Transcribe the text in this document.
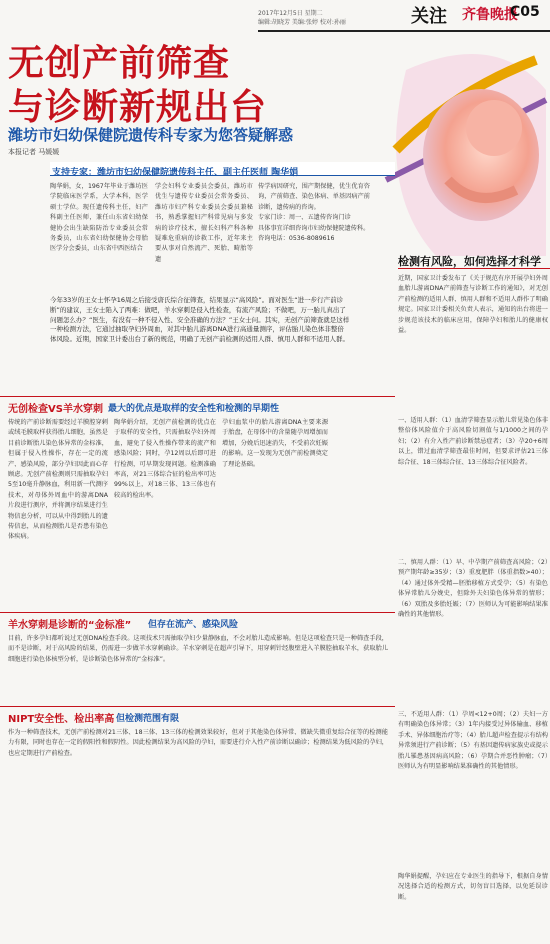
2017年12月5日 星期二
编辑:胡晓芳 美编:张婷 校对:孙丽	关注 齐鲁晚报
C05
无创产前筛查
与诊断新规出台
潍坊市妇幼保健院遗传科专家为您答疑解惑
本报记者 马媛媛
支持专家：潍坊市妇幼保健院遗传科主任、副主任医师 陶华娟
陶华娟，女，1967年毕业于潍坊医学院临床医学系，大学本科，医学硕士学位。现任遗传科主任，妇产科副主任医师，兼任山东省妇幼保健协会出生缺陷防治专业委员会常务委员，山东省妇幼保健协会母胎医学分会委员，山东省中西医结合
学会妇科专业委员会委员，潍坊市优生与遗传专业委员会常务委员、潍坊市妇产科专业委员会委员兼秘书，熟悉掌握妇产科常见病与多发病的诊疗技术，擅长妇科产科各种疑难危重病的诊救工作，近年来主要从事对自然流产、死胎、畸胎等遗
传学病因研究，围产期保健，优生优育咨询，产前筛查、染色体病、单基因病产前诊断，遗传病的咨询。
专家门诊：周一、五遗传咨询门诊
具体事宜详细咨询市妇幼保健院遗传科。
咨询电话：0536-8089616
今年33岁的王女士怀孕16周之后接受唐氏综合征筛查，结果显示“高风险”。面对医生“进一步行产前诊断”的建议，王女士陷入了两难：做吧，羊水穿刺是侵入性检查，有流产风险；不做吧，万一胎儿真出了问题怎么办？“医生，有没有一种不侵入性、安全准确的方法？”王女士问。其实，无创产前筛查就是这样一种检测方法，它通过抽取孕妇外周血，对其中胎儿游离DNA进行高通量测序，评估胎儿染色体非整倍体风险。近期，国家卫计委出台了新的规范，明确了无创产前检测的适用人群、慎用人群和不适用人群。
检测有风险，如何选择才科学
无创检查VS羊水穿刺 最大的优点是取样的安全性和检测的早期性
传统的产前诊断需要经过羊膜腔穿刺或绒毛膜取样获得胎儿细胞，虽然是目前诊断胎儿染色体异常的金标准，但属于侵入性操作，存在一定的流产、感染风险，部分孕妇因此而心存顾虑。无创产前检测则只需抽取孕妇5至10毫升静脉血，利用新一代测序技术，对母体外周血中的游离DNA片段进行测序，并将测序结果进行生物信息分析，可以从中得到胎儿的遗传信息，从而检测胎儿是否患有染色体疾病。
陶华娟介绍，无创产前检测的优点在于取样的安全性，只需抽取孕妇外周血，避免了侵入性操作带来的流产和感染风险；同时，孕12周以后即可进行检测，可早期发现问题。检测准确率高，对21三体综合征的检出率可达99%以上，对18三体、13三体也有较高的检出率。
孕妇血浆中的胎儿游离DNA主要来源于胎盘，在母体中的含量随孕周增加而增加，分娩后迅速消失，不受前次妊娠的影响。这一发现为无创产前检测奠定了理论基础。
羊水穿刺是诊断的“金标准” 但存在流产、感染风险
目前，许多孕妇都听说过无创DNA检查手段。这项技术只需抽取孕妇少量静脉血，不会对胎儿造成影响。但是这项检查只是一种筛查手段，而不是诊断，对于高风险的结果，仍需进一步做羊水穿刺确诊。羊水穿刺是在超声引导下，用穿刺针经腹壁进入羊膜腔抽取羊水，获取胎儿细胞进行染色体核型分析，是诊断染色体异常的“金标准”。
NIPT安全性、检出率高 但检测范围有限
作为一种筛查技术，无创产前检测对21三体、18三体、13三体的检测效果较好，但对于其他染色体异常、微缺失微重复综合征等的检测能力有限，同时也存在一定的假阳性和假阴性。因此检测结果为高风险的孕妇，需要进行介入性产前诊断以确诊；检测结果为低风险的孕妇，也应定期进行产前检查。
近期，国家卫计委发布了《关于规范有序开展孕妇外周血胎儿游离DNA产前筛查与诊断工作的通知》，对无创产前检测的适用人群、慎用人群和不适用人群作了明确规定。国家卫计委相关负责人表示，通知的出台将进一步规范该技术的临床应用，保障孕妇和胎儿的健康权益。
一、适用人群：（1）血清学筛查显示胎儿常见染色体非整倍体风险值介于高风险切割值与1/1000之间的孕妇；（2）有介入性产前诊断禁忌症者；（3）孕20+6周以上，错过血清学筛查最佳时间，但要求评估21三体综合征、18三体综合征、13三体综合征风险者。
二、慎用人群：（1）早、中孕期产前筛查高风险；（2）预产期年龄≥35岁；（3）重度肥胖（体重指数>40）；（4）通过体外受精—胚胎移植方式受孕；（5）有染色体异常胎儿分娩史，但除外夫妇染色体异常的情形；（6）双胎及多胎妊娠；（7）医师认为可能影响结果准确性的其他情形。
三、不适用人群：（1）孕周<12+0周；（2）夫妇一方有明确染色体异常；（3）1年内接受过异体输血、移植手术、异体细胞治疗等；（4）胎儿超声检查提示有结构异常须进行产前诊断；（5）有基因遗传病家族史或提示胎儿罹患基因病高风险；（6）孕期合并恶性肿瘤；（7）医师认为有明显影响结果准确性的其他情形。
陶华娟提醒，孕妇应在专业医生的指导下，根据自身情况选择合适的检测方式，切勿盲目选择，以免延误诊断。
